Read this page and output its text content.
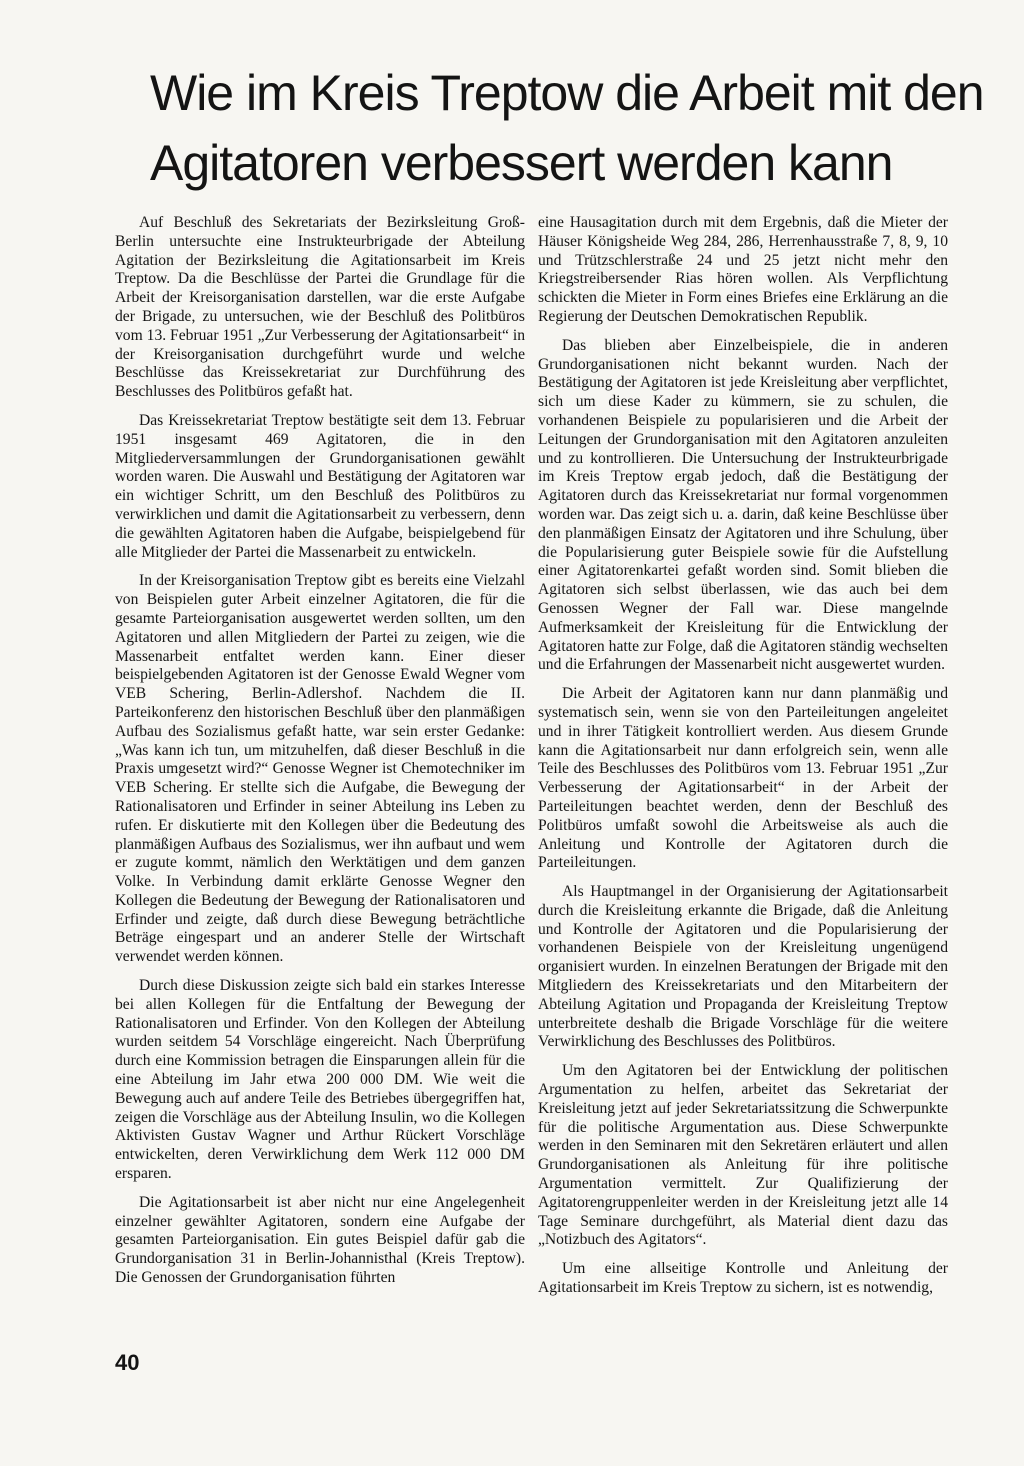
Wie im Kreis Treptow die Arbeit mit den Agitatoren verbessert werden kann

Auf Beschluß des Sekretariats der Bezirksleitung Groß-Berlin untersuchte eine Instrukteurbrigade der Abteilung Agitation der Bezirksleitung die Agitationsarbeit im Kreis Treptow. Da die Beschlüsse der Partei die Grundlage für die Arbeit der Kreisorganisation darstellen, war die erste Aufgabe der Brigade, zu untersuchen, wie der Beschluß des Politbüros vom 13. Februar 1951 „Zur Verbesserung der Agitationsarbeit“ in der Kreisorganisation durchgeführt wurde und welche Beschlüsse das Kreissekretariat zur Durchführung des Beschlusses des Politbüros gefaßt hat.

Das Kreissekretariat Treptow bestätigte seit dem 13. Februar 1951 insgesamt 469 Agitatoren, die in den Mitgliederversammlungen der Grundorganisationen gewählt worden waren. Die Auswahl und Bestätigung der Agitatoren war ein wichtiger Schritt, um den Beschluß des Politbüros zu verwirklichen und damit die Agitationsarbeit zu verbessern, denn die gewählten Agitatoren haben die Aufgabe, beispielgebend für alle Mitglieder der Partei die Massenarbeit zu entwickeln.

In der Kreisorganisation Treptow gibt es bereits eine Vielzahl von Beispielen guter Arbeit einzelner Agitatoren, die für die gesamte Parteiorganisation ausgewertet werden sollten, um den Agitatoren und allen Mitgliedern der Partei zu zeigen, wie die Massenarbeit entfaltet werden kann. Einer dieser beispielgebenden Agitatoren ist der Genosse Ewald Wegner vom VEB Schering, Berlin-Adlershof. Nachdem die II. Parteikonferenz den historischen Beschluß über den planmäßigen Aufbau des Sozialismus gefaßt hatte, war sein erster Gedanke: „Was kann ich tun, um mitzuhelfen, daß dieser Beschluß in die Praxis umgesetzt wird?“ Genosse Wegner ist Chemotechniker im VEB Schering. Er stellte sich die Aufgabe, die Bewegung der Rationalisatoren und Erfinder in seiner Abteilung ins Leben zu rufen. Er diskutierte mit den Kollegen über die Bedeutung des planmäßigen Aufbaus des Sozialismus, wer ihn aufbaut und wem er zugute kommt, nämlich den Werktätigen und dem ganzen Volke. In Verbindung damit erklärte Genosse Wegner den Kollegen die Bedeutung der Bewegung der Rationalisatoren und Erfinder und zeigte, daß durch diese Bewegung beträchtliche Beträge eingespart und an anderer Stelle der Wirtschaft verwendet werden können.

Durch diese Diskussion zeigte sich bald ein starkes Interesse bei allen Kollegen für die Entfaltung der Bewegung der Rationalisatoren und Erfinder. Von den Kollegen der Abteilung wurden seitdem 54 Vorschläge eingereicht. Nach Überprüfung durch eine Kommission betragen die Einsparungen allein für die eine Abteilung im Jahr etwa 200 000 DM. Wie weit die Bewegung auch auf andere Teile des Betriebes übergegriffen hat, zeigen die Vorschläge aus der Abteilung Insulin, wo die Kollegen Aktivisten Gustav Wagner und Arthur Rückert Vorschläge entwickelten, deren Verwirklichung dem Werk 112 000 DM ersparen.

Die Agitationsarbeit ist aber nicht nur eine Angelegenheit einzelner gewählter Agitatoren, sondern eine Aufgabe der gesamten Parteiorganisation. Ein gutes Beispiel dafür gab die Grundorganisation 31 in Berlin-Johannisthal (Kreis Treptow). Die Genossen der Grundorganisation führten

eine Hausagitation durch mit dem Ergebnis, daß die Mieter der Häuser Königsheide Weg 284, 286, Herrenhausstraße 7, 8, 9, 10 und Trützschlerstraße 24 und 25 jetzt nicht mehr den Kriegstreibersender Rias hören wollen. Als Verpflichtung schickten die Mieter in Form eines Briefes eine Erklärung an die Regierung der Deutschen Demokratischen Republik.

Das blieben aber Einzelbeispiele, die in anderen Grundorganisationen nicht bekannt wurden. Nach der Bestätigung der Agitatoren ist jede Kreisleitung aber verpflichtet, sich um diese Kader zu kümmern, sie zu schulen, die vorhandenen Beispiele zu popularisieren und die Arbeit der Leitungen der Grundorganisation mit den Agitatoren anzuleiten und zu kontrollieren. Die Untersuchung der Instrukteurbrigade im Kreis Treptow ergab jedoch, daß die Bestätigung der Agitatoren durch das Kreissekretariat nur formal vorgenommen worden war. Das zeigt sich u. a. darin, daß keine Beschlüsse über den planmäßigen Einsatz der Agitatoren und ihre Schulung, über die Popularisierung guter Beispiele sowie für die Aufstellung einer Agitatorenkartei gefaßt worden sind. Somit blieben die Agitatoren sich selbst überlassen, wie das auch bei dem Genossen Wegner der Fall war. Diese mangelnde Aufmerksamkeit der Kreisleitung für die Entwicklung der Agitatoren hatte zur Folge, daß die Agitatoren ständig wechselten und die Erfahrungen der Massenarbeit nicht ausgewertet wurden.

Die Arbeit der Agitatoren kann nur dann planmäßig und systematisch sein, wenn sie von den Parteileitungen angeleitet und in ihrer Tätigkeit kontrolliert werden. Aus diesem Grunde kann die Agitationsarbeit nur dann erfolgreich sein, wenn alle Teile des Beschlusses des Politbüros vom 13. Februar 1951 „Zur Verbesserung der Agitationsarbeit“ in der Arbeit der Parteileitungen beachtet werden, denn der Beschluß des Politbüros umfaßt sowohl die Arbeitsweise als auch die Anleitung und Kontrolle der Agitatoren durch die Parteileitungen.

Als Hauptmangel in der Organisierung der Agitationsarbeit durch die Kreisleitung erkannte die Brigade, daß die Anleitung und Kontrolle der Agitatoren und die Popularisierung der vorhandenen Beispiele von der Kreisleitung ungenügend organisiert wurden. In einzelnen Beratungen der Brigade mit den Mitgliedern des Kreissekretariats und den Mitarbeitern der Abteilung Agitation und Propaganda der Kreisleitung Treptow unterbreitete deshalb die Brigade Vorschläge für die weitere Verwirklichung des Beschlusses des Politbüros.

Um den Agitatoren bei der Entwicklung der politischen Argumentation zu helfen, arbeitet das Sekretariat der Kreisleitung jetzt auf jeder Sekretariatssitzung die Schwerpunkte für die politische Argumentation aus. Diese Schwerpunkte werden in den Seminaren mit den Sekretären erläutert und allen Grundorganisationen als Anleitung für ihre politische Argumentation vermittelt. Zur Qualifizierung der Agitatorengruppenleiter werden in der Kreisleitung jetzt alle 14 Tage Seminare durchgeführt, als Material dient dazu das „Notizbuch des Agitators“.

Um eine allseitige Kontrolle und Anleitung der Agitationsarbeit im Kreis Treptow zu sichern, ist es notwendig,

40
